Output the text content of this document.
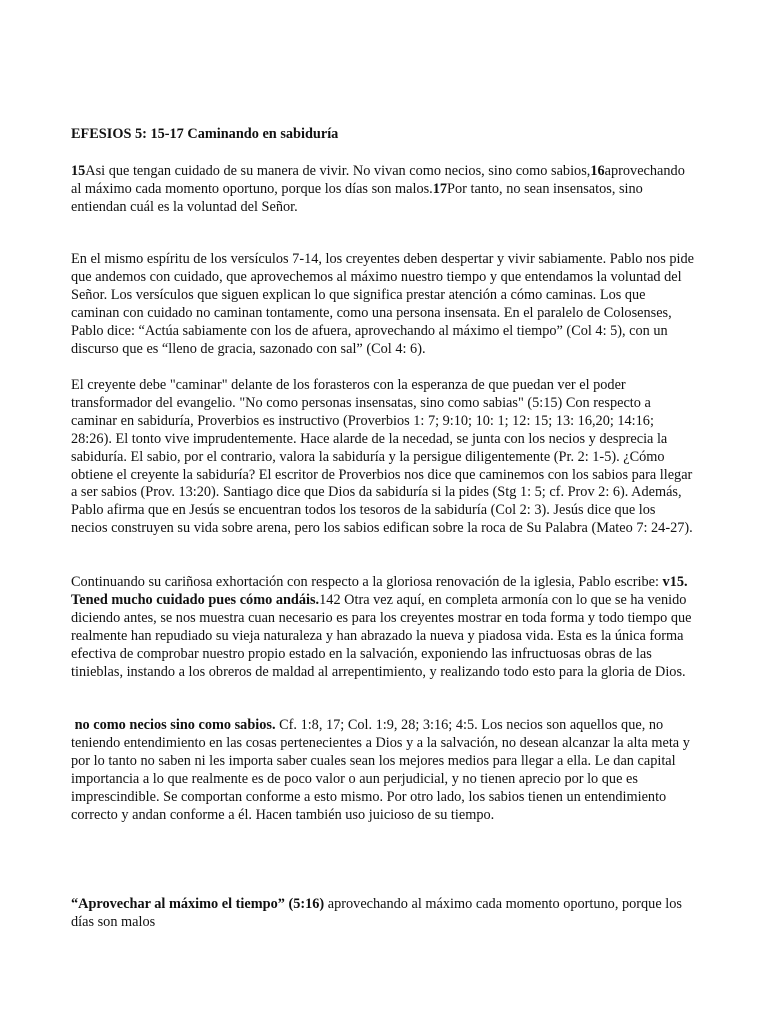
EFESIOS 5: 15-17 Caminando en sabiduría

15Asi que tengan cuidado de su manera de vivir. No vivan como necios, sino como sabios,16aprovechando al máximo cada momento oportuno, porque los días son malos.17Por tanto, no sean insensatos, sino entiendan cuál es la voluntad del Señor.

En el mismo espíritu de los versículos 7-14, los creyentes deben despertar y vivir sabiamente. Pablo nos pide que andemos con cuidado, que aprovechemos al máximo nuestro tiempo y que entendamos la voluntad del Señor. Los versículos que siguen explican lo que significa prestar atención a cómo caminas. Los que caminan con cuidado no caminan tontamente, como una persona insensata. En el paralelo de Colosenses, Pablo dice: “Actúa sabiamente con los de afuera, aprovechando al máximo el tiempo” (Col 4: 5), con un discurso que es “lleno de gracia, sazonado con sal” (Col 4: 6).

El creyente debe "caminar" delante de los forasteros con la esperanza de que puedan ver el poder transformador del evangelio. "No como personas insensatas, sino como sabias" (5:15) Con respecto a caminar en sabiduría, Proverbios es instructivo (Proverbios 1: 7; 9:10; 10: 1; 12: 15; 13: 16,20; 14:16; 28:26). El tonto vive imprudentemente. Hace alarde de la necedad, se junta con los necios y desprecia la sabiduría. El sabio, por el contrario, valora la sabiduría y la persigue diligentemente (Pr. 2: 1-5). ¿Cómo obtiene el creyente la sabiduría? El escritor de Proverbios nos dice que caminemos con los sabios para llegar a ser sabios (Prov. 13:20). Santiago dice que Dios da sabiduría si la pides (Stg 1: 5; cf. Prov 2: 6). Además, Pablo afirma que en Jesús se encuentran todos los tesoros de la sabiduría (Col 2: 3). Jesús dice que los necios construyen su vida sobre arena, pero los sabios edifican sobre la roca de Su Palabra (Mateo 7: 24-27).

Continuando su cariñosa exhortación con respecto a la gloriosa renovación de la iglesia, Pablo escribe: v15. Tened mucho cuidado pues cómo andáis.142 Otra vez aquí, en completa armonía con lo que se ha venido diciendo antes, se nos muestra cuan necesario es para los creyentes mostrar en toda forma y todo tiempo que realmente han repudiado su vieja naturaleza y han abrazado la nueva y piadosa vida. Esta es la única forma efectiva de comprobar nuestro propio estado en la salvación, exponiendo las infructuosas obras de las tinieblas, instando a los obreros de maldad al arrepentimiento, y realizando todo esto para la gloria de Dios.

no como necios sino como sabios. Cf. 1:8, 17; Col. 1:9, 28; 3:16; 4:5. Los necios son aquellos que, no teniendo entendimiento en las cosas pertenecientes a Dios y a la salvación, no desean alcanzar la alta meta y por lo tanto no saben ni les importa saber cuales sean los mejores medios para llegar a ella. Le dan capital importancia a lo que realmente es de poco valor o aun perjudicial, y no tienen aprecio por lo que es imprescindible. Se comportan conforme a esto mismo. Por otro lado, los sabios tienen un entendimiento correcto y andan conforme a él. Hacen también uso juicioso de su tiempo.

“Aprovechar al máximo el tiempo” (5:16) aprovechando al máximo cada momento oportuno, porque los días son malos
